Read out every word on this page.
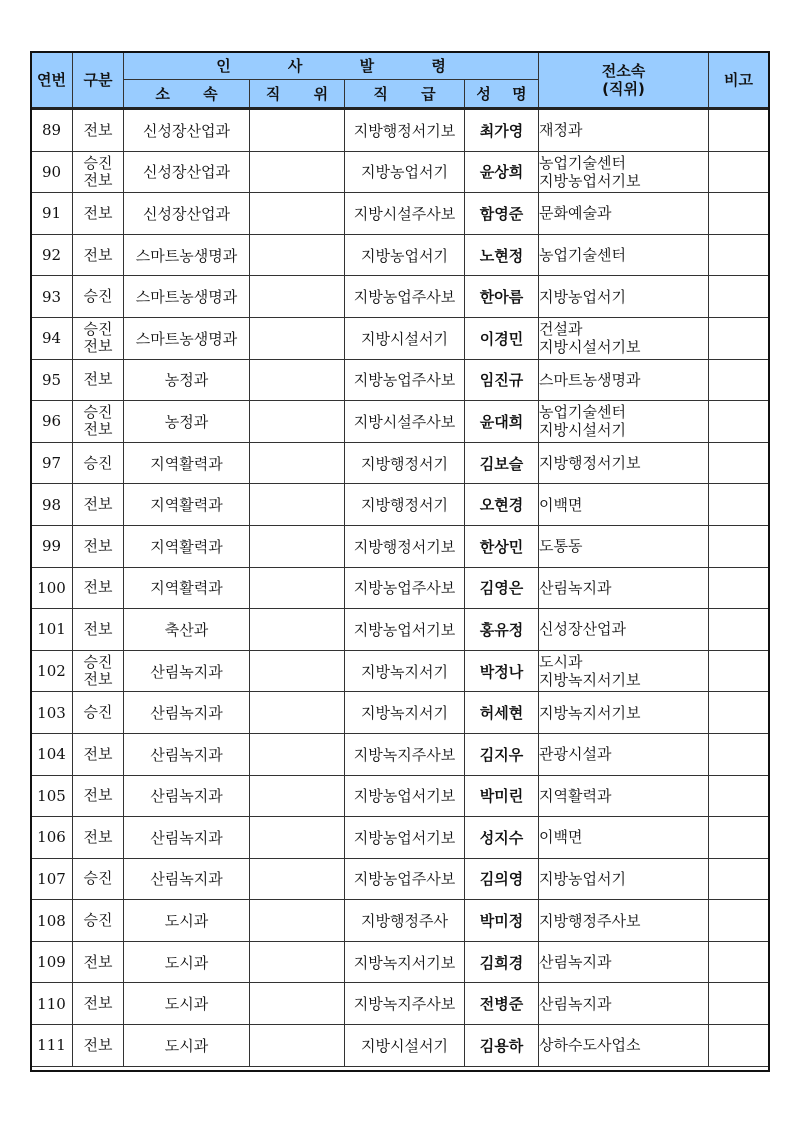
연번	구분	인 사 발 령				전소속
(직위)	비고
		소 속	직 위	직 급	성 명		
89	전보	신성장산업과		지방행정서기보	최가영	재정과	

90	승진
전보	신성장산업과		지방농업서기	윤상희	농업기술센터
지방농업서기보	

91	전보	신성장산업과		지방시설주사보	함영준	문화예술과	

92	전보	스마트농생명과		지방농업서기	노현정	농업기술센터	

93	승진	스마트농생명과		지방농업주사보	한아름	지방농업서기	

94	승진
전보	스마트농생명과		지방시설서기	이경민	건설과
지방시설서기보	

95	전보	농정과		지방농업주사보	임진규	스마트농생명과	

96	승진
전보	농정과		지방시설주사보	윤대희	농업기술센터
지방시설서기	

97	승진	지역활력과		지방행정서기	김보슬	지방행정서기보	

98	전보	지역활력과		지방행정서기	오현경	이백면	

99	전보	지역활력과		지방행정서기보	한상민	도통동	

100	전보	지역활력과		지방농업주사보	김영은	산림녹지과	

101	전보	축산과		지방농업서기보	홍유정	신성장산업과	

102	승진
전보	산림녹지과		지방녹지서기	박정나	도시과
지방녹지서기보	

103	승진	산림녹지과		지방녹지서기	허세현	지방녹지서기보	

104	전보	산림녹지과		지방녹지주사보	김지우	관광시설과	

105	전보	산림녹지과		지방농업서기보	박미린	지역활력과	

106	전보	산림녹지과		지방농업서기보	성지수	이백면	

107	승진	산림녹지과		지방농업주사보	김의영	지방농업서기	

108	승진	도시과		지방행정주사	박미정	지방행정주사보	

109	전보	도시과		지방녹지서기보	김희경	산림녹지과	

110	전보	도시과		지방녹지주사보	전병준	산림녹지과	

111	전보	도시과		지방시설서기	김용하	상하수도사업소	
